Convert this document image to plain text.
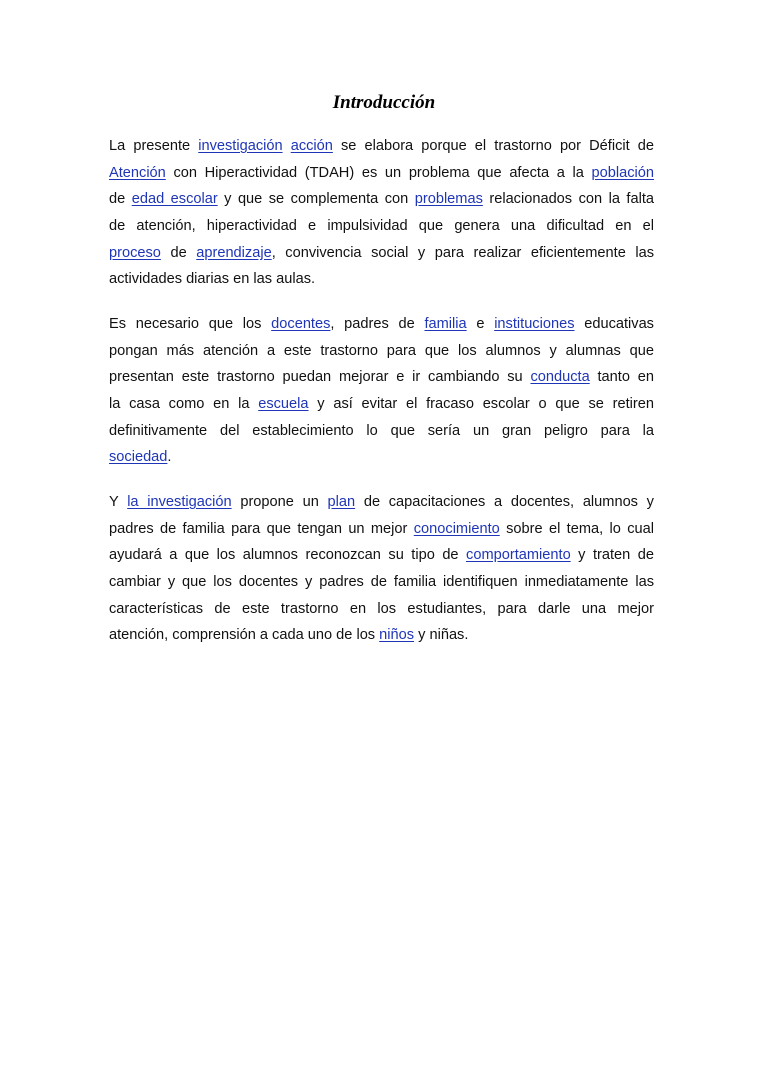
Introducción

La presente investigación acción se elabora porque el trastorno por Déficit de
Atención con Hiperactividad (TDAH) es un problema que afecta a la población
de edad escolar y que se complementa con problemas relacionados con la falta
de atención, hiperactividad e impulsividad que genera una dificultad en el
proceso de aprendizaje, convivencia social y para realizar eficientemente las
actividades diarias en las aulas.

Es necesario que los docentes, padres de familia e instituciones educativas
pongan más atención a este trastorno para que los alumnos y alumnas que
presentan este trastorno puedan mejorar e ir cambiando su conducta tanto en
la casa como en la escuela y así evitar el fracaso escolar o que se retiren
definitivamente del establecimiento lo que sería un gran peligro para la
sociedad.

Y la investigación propone un plan de capacitaciones a docentes, alumnos y
padres de familia para que tengan un mejor conocimiento sobre el tema, lo cual
ayudará a que los alumnos reconozcan su tipo de comportamiento y traten de
cambiar y que los docentes y padres de familia identifiquen inmediatamente las
características de este trastorno en los estudiantes, para darle una mejor
atención, comprensión a cada uno de los niños y niñas.
